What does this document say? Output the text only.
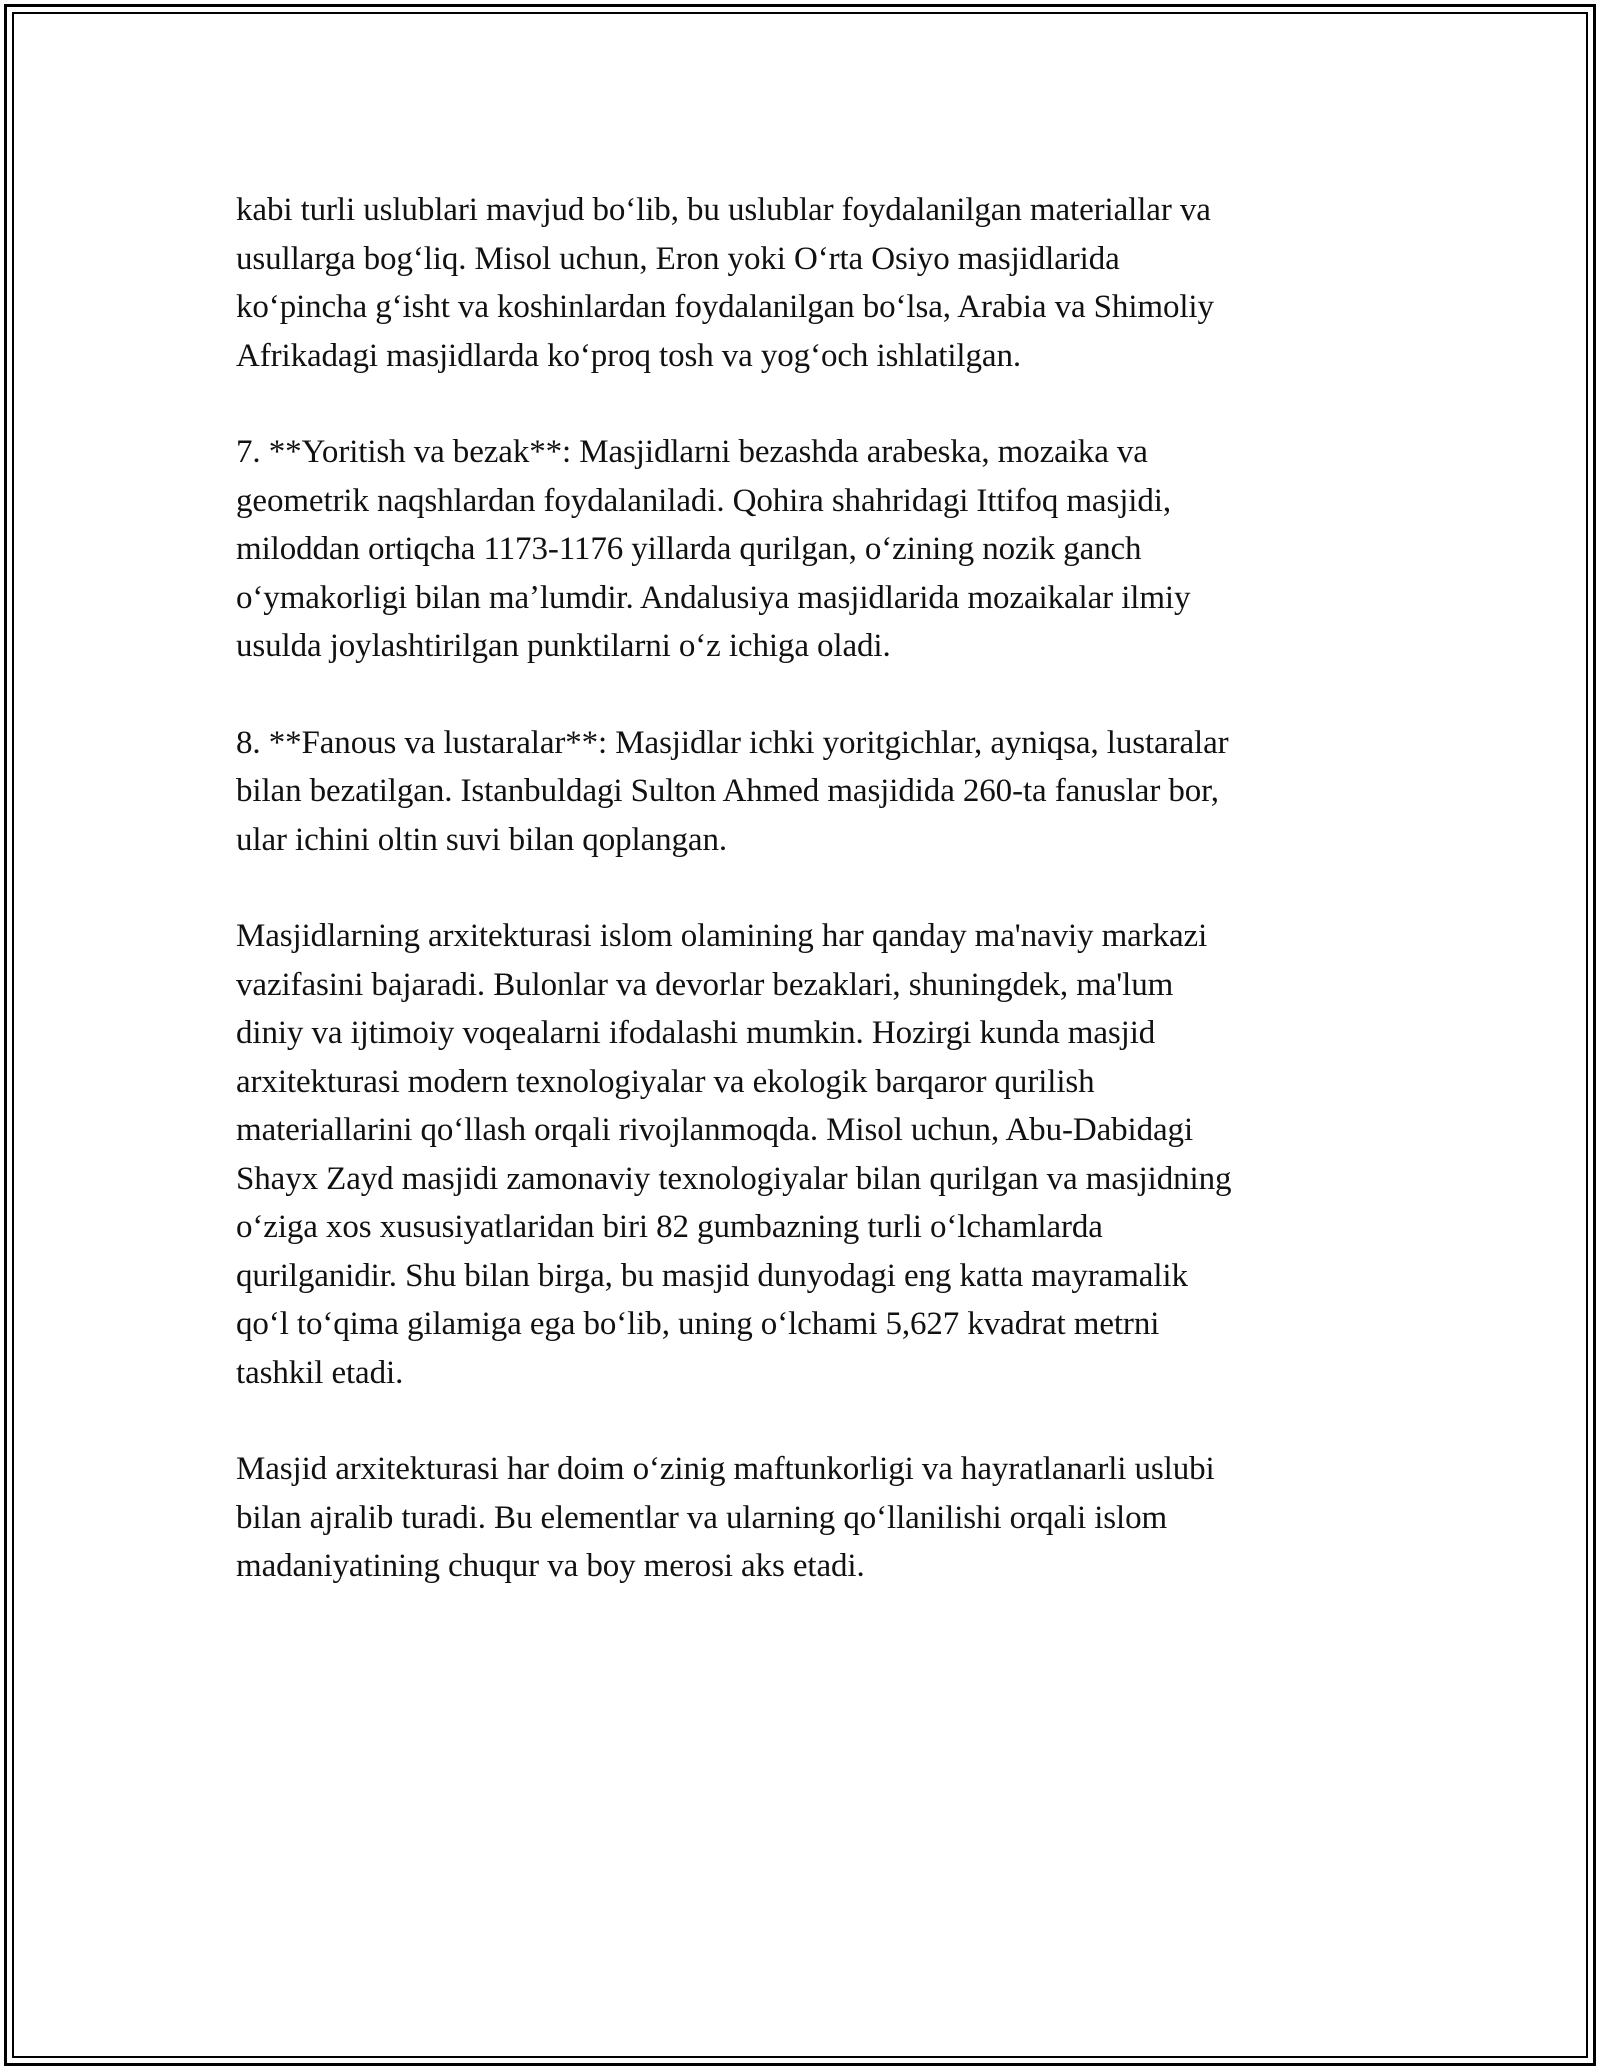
kabi turli uslublari mavjud boʻlib, bu uslublar foydalanilgan materiallar va
usullarga bogʻliq. Misol uchun, Eron yoki Oʻrta Osiyo masjidlarida
koʻpincha gʻisht va koshinlardan foydalanilgan boʻlsa, Arabia va Shimoliy
Afrikadagi masjidlarda koʻproq tosh va yogʻoch ishlatilgan.

7. **Yoritish va bezak**: Masjidlarni bezashda arabeska, mozaika va
geometrik naqshlardan foydalaniladi. Qohira shahridagi Ittifoq masjidi,
miloddan ortiqcha 1173-1176 yillarda qurilgan, oʻzining nozik ganch
oʻymakorligi bilan maʼlumdir. Andalusiya masjidlarida mozaikalar ilmiy
usulda joylashtirilgan punktilarni oʻz ichiga oladi.

8. **Fanous va lustaralar**: Masjidlar ichki yoritgichlar, ayniqsa, lustaralar
bilan bezatilgan. Istanbuldagi Sulton Ahmed masjidida 260-ta fanuslar bor,
ular ichini oltin suvi bilan qoplangan.

Masjidlarning arxitekturasi islom olamining har qanday ma'naviy markazi
vazifasini bajaradi. Bulonlar va devorlar bezaklari, shuningdek, ma'lum
diniy va ijtimoiy voqealarni ifodalashi mumkin. Hozirgi kunda masjid
arxitekturasi modern texnologiyalar va ekologik barqaror qurilish
materiallarini qoʻllash orqali rivojlanmoqda. Misol uchun, Abu-Dabidagi
Shayx Zayd masjidi zamonaviy texnologiyalar bilan qurilgan va masjidning
oʻziga xos xususiyatlaridan biri 82 gumbazning turli oʻlchamlarda
qurilganidir. Shu bilan birga, bu masjid dunyodagi eng katta mayramalik
qoʻl toʻqima gilamiga ega boʻlib, uning oʻlchami 5,627 kvadrat metrni
tashkil etadi.

Masjid arxitekturasi har doim oʻzinig maftunkorligi va hayratlanarli uslubi
bilan ajralib turadi. Bu elementlar va ularning qoʻllanilishi orqali islom
madaniyatining chuqur va boy merosi aks etadi.
